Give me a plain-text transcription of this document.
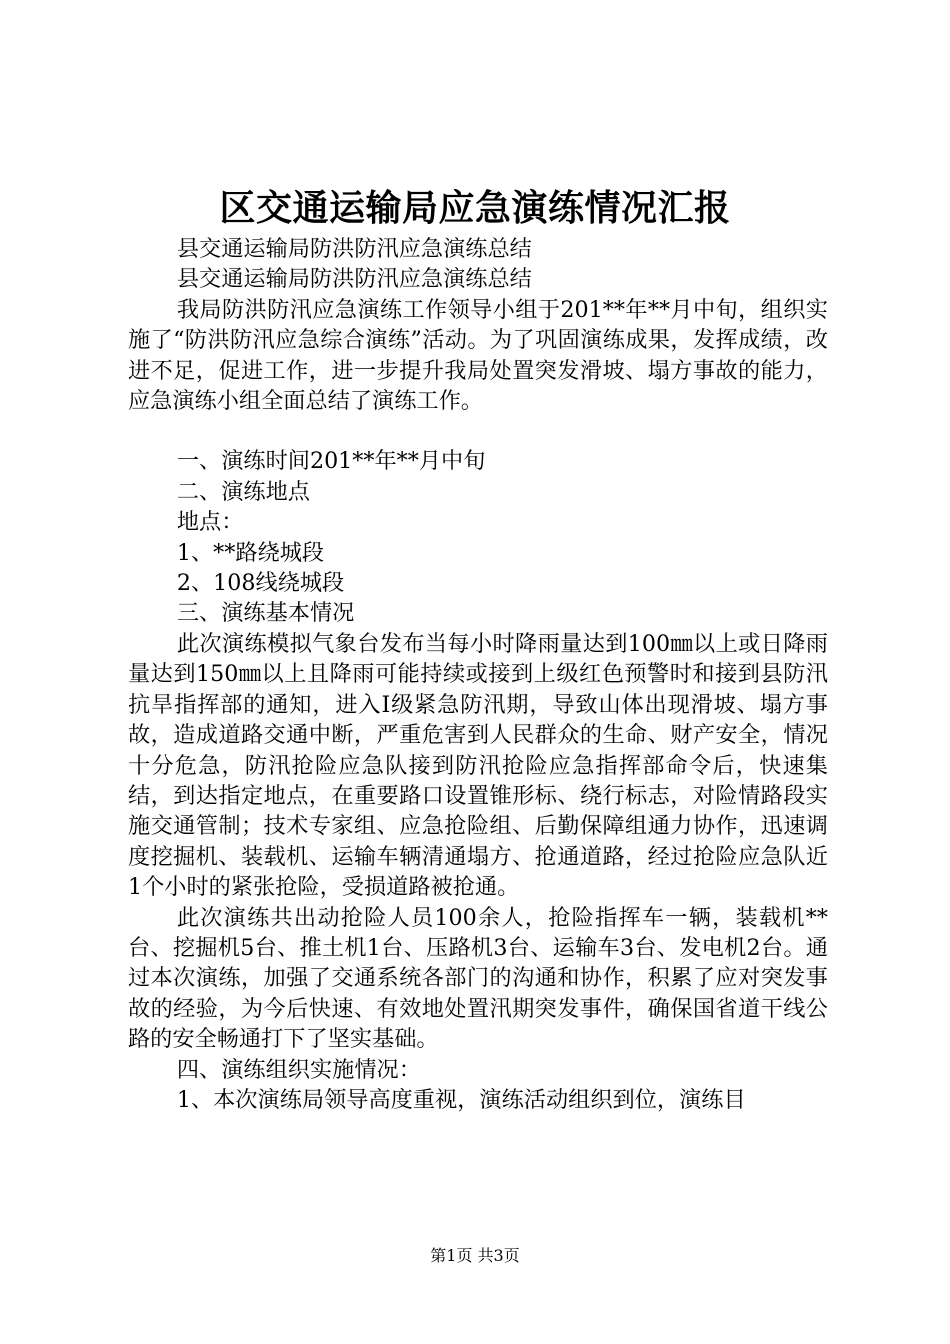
区交通运输局应急演练情况汇报

县交通运输局防洪防汛应急演练总结

县交通运输局防洪防汛应急演练总结

我局防洪防汛应急演练工作领导小组于201**年**月中旬，组织实施了“防洪防汛应急综合演练”活动。为了巩固演练成果，发挥成绩，改进不足，促进工作，进一步提升我局处置突发滑坡、塌方事故的能力，应急演练小组全面总结了演练工作。

一、演练时间201**年**月中旬

二、演练地点

地点：

1、**路绕城段

2、108线绕城段

三、演练基本情况

此次演练模拟气象台发布当每小时降雨量达到100㎜以上或日降雨量达到150㎜以上且降雨可能持续或接到上级红色预警时和接到县防汛抗旱指挥部的通知，进入Ⅰ级紧急防汛期，导致山体出现滑坡、塌方事故，造成道路交通中断，严重危害到人民群众的生命、财产安全，情况十分危急，防汛抢险应急队接到防汛抢险应急指挥部命令后，快速集结，到达指定地点，在重要路口设置锥形标、绕行标志，对险情路段实施交通管制；技术专家组、应急抢险组、后勤保障组通力协作，迅速调度挖掘机、装载机、运输车辆清通塌方、抢通道路，经过抢险应急队近1个小时的紧张抢险，受损道路被抢通。

此次演练共出动抢险人员100余人，抢险指挥车一辆，装载机**台、挖掘机5台、推土机1台、压路机3台、运输车3台、发电机2台。通过本次演练，加强了交通系统各部门的沟通和协作，积累了应对突发事故的经验，为今后快速、有效地处置汛期突发事件，确保国省道干线公路的安全畅通打下了坚实基础。

四、演练组织实施情况：

1、本次演练局领导高度重视，演练活动组织到位，演练目

第1页 共3页
